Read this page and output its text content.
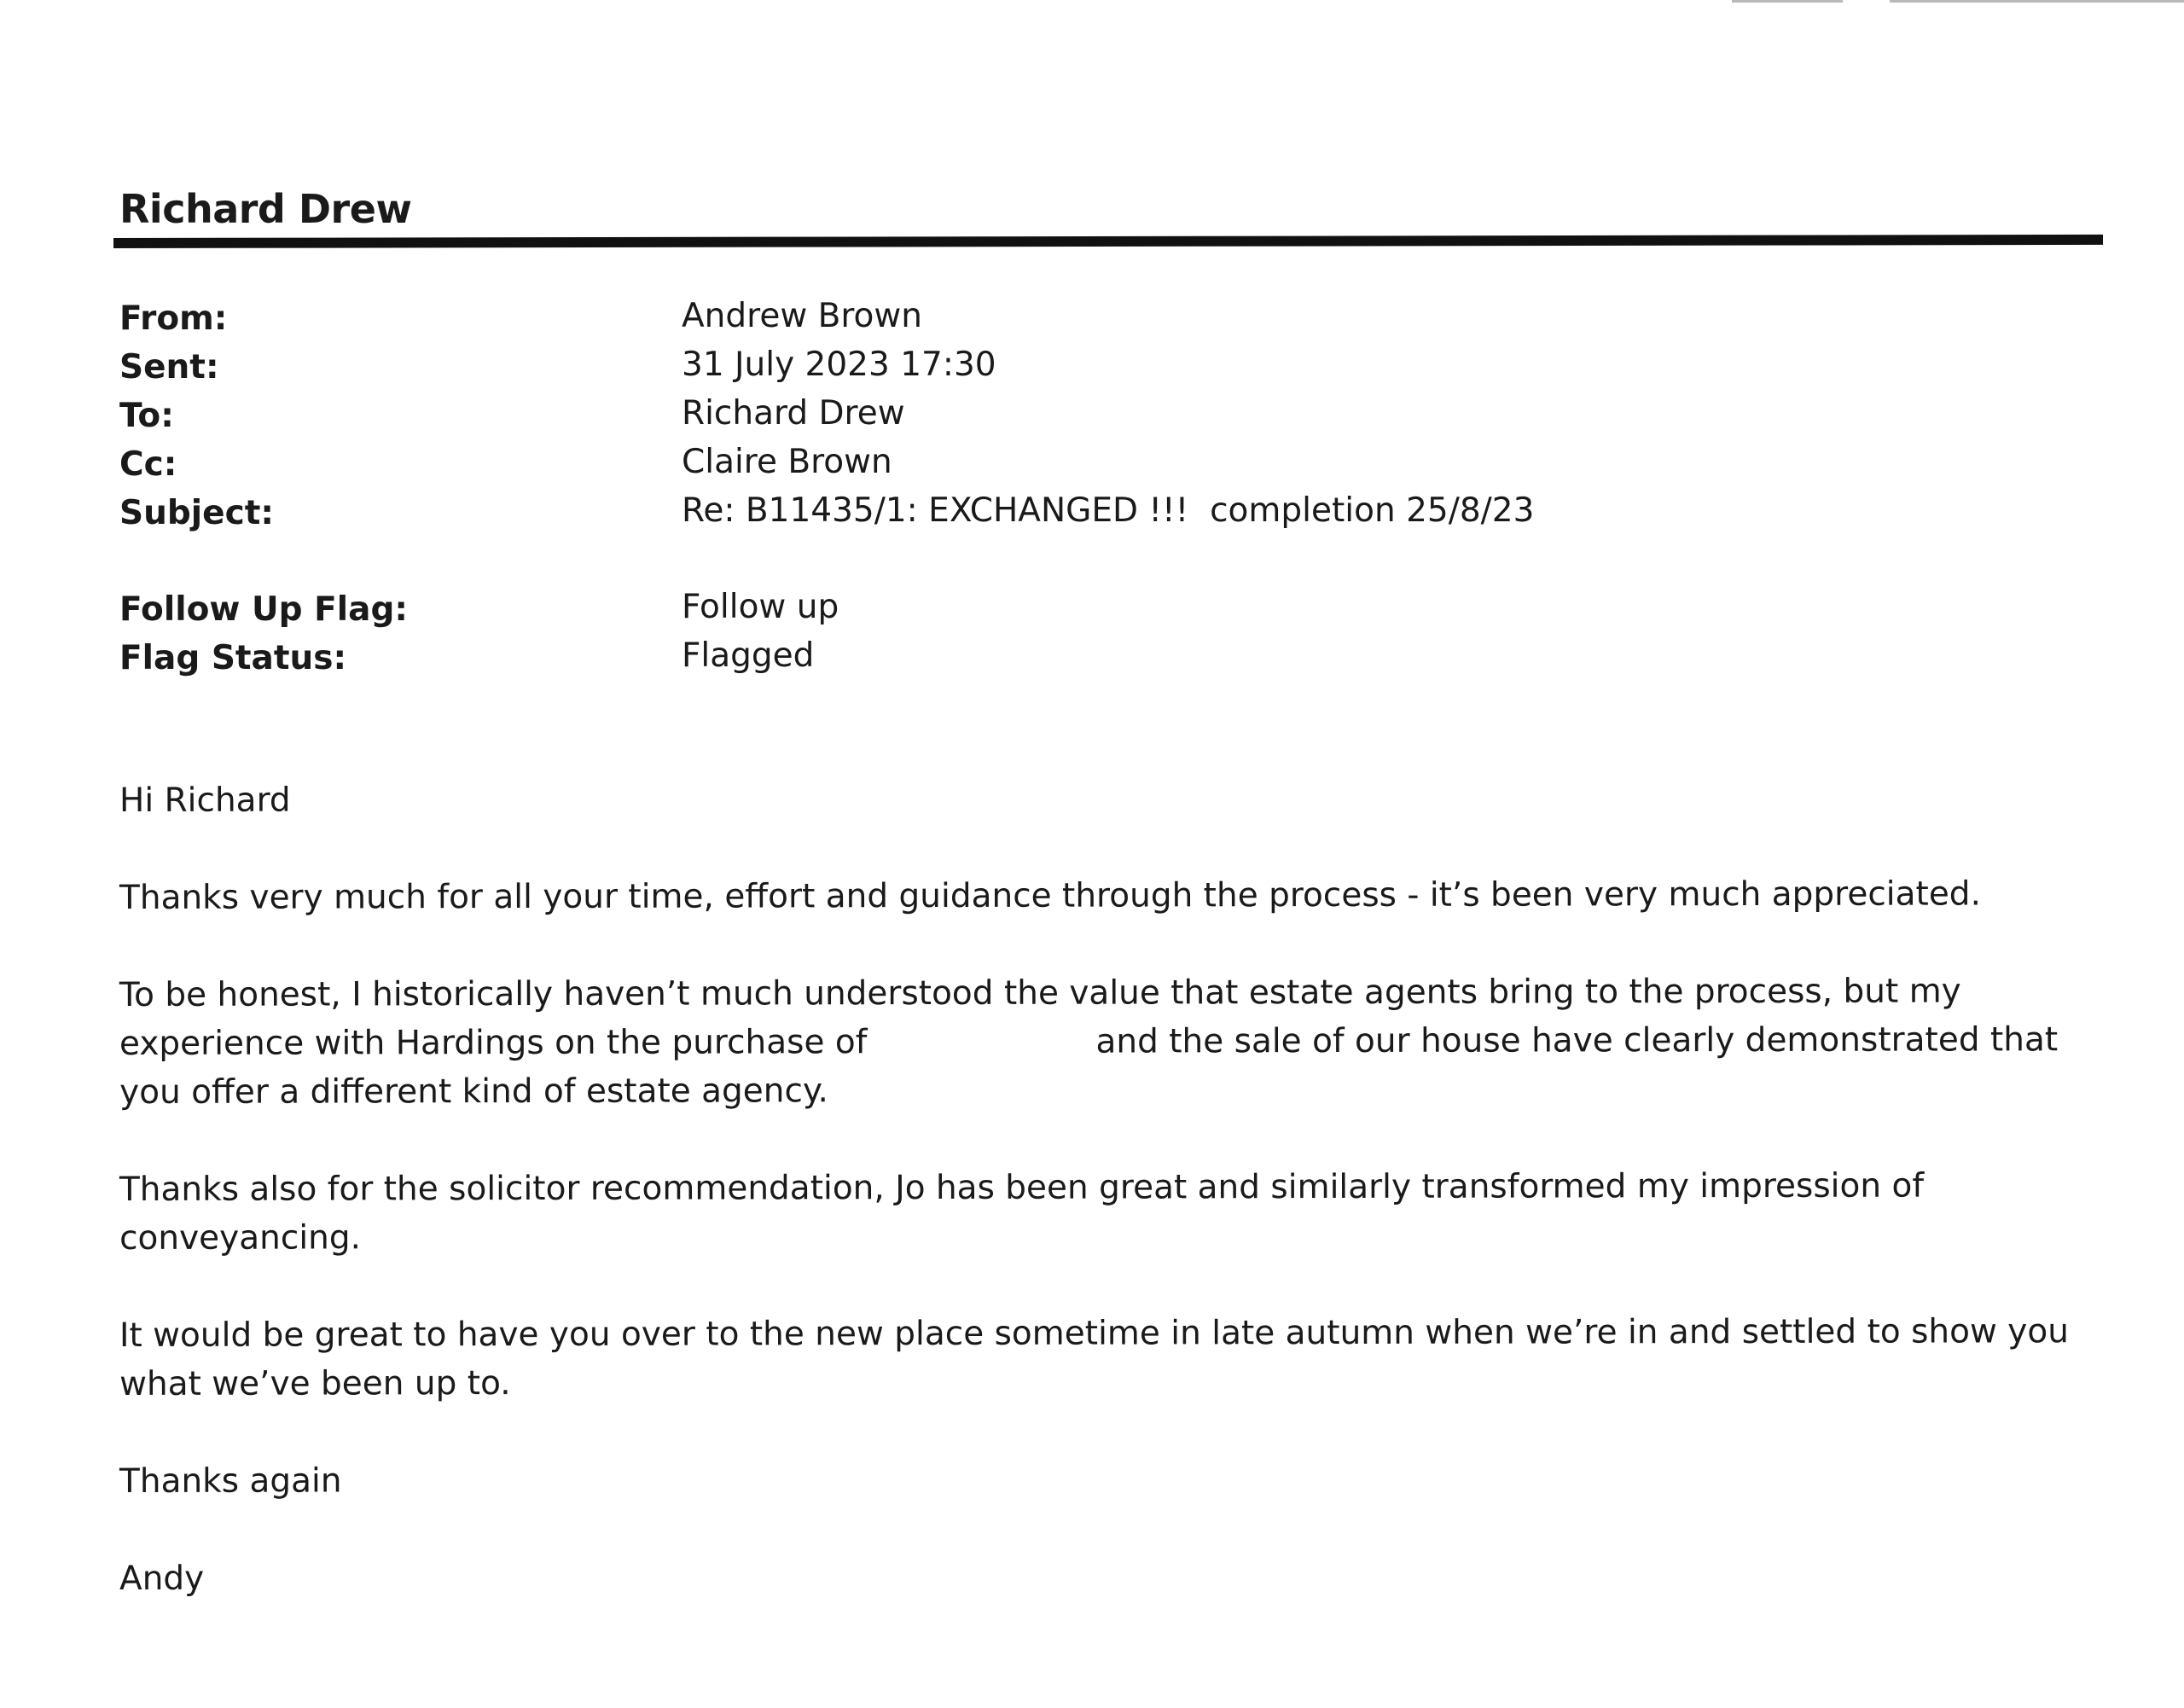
Richard Drew
From:	Andrew Brown
Sent:	31 July 2023 17:30
To:	Richard Drew
Cc:	Claire Brown
Subject:	Re: B11435/1: EXCHANGED !!!  completion 25/8/23
Follow Up Flag:	Follow up
Flag Status:	Flagged

Hi Richard

Thanks very much for all your time, effort and guidance through the process - it’s been very much appreciated.

To be honest, I historically haven’t much understood the value that estate agents bring to the process, but my experience with Hardings on the purchase of	and the sale of our house have clearly demonstrated that you offer a different kind of estate agency.

Thanks also for the solicitor recommendation, Jo has been great and similarly transformed my impression of conveyancing.

It would be great to have you over to the new place sometime in late autumn when we’re in and settled to show you what we’ve been up to.

Thanks again

Andy
